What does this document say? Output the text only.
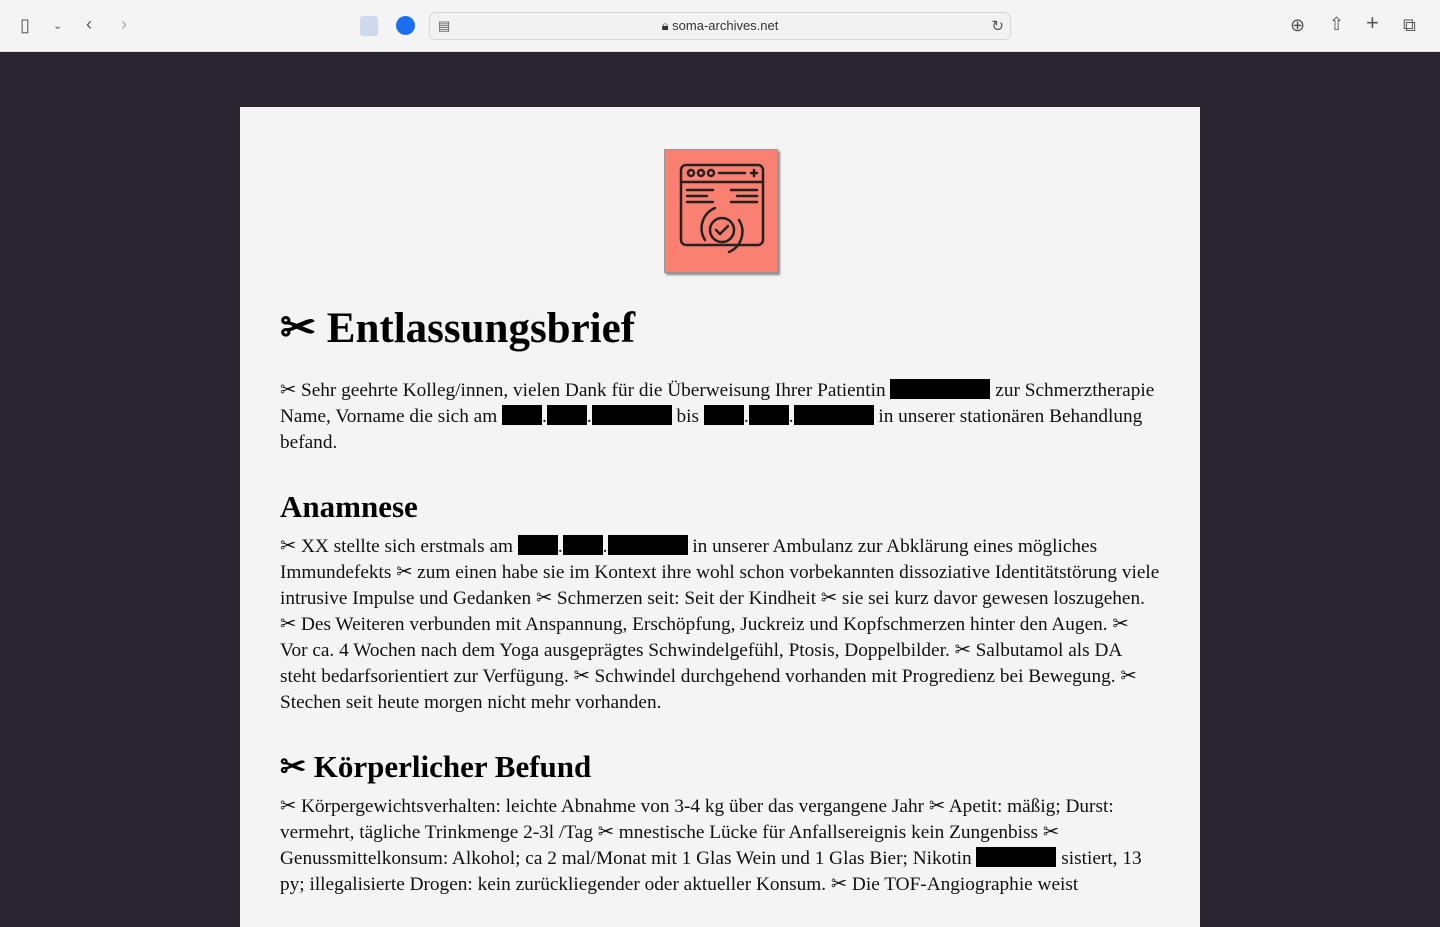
▯ ⌄ ‹ ›	▤	🔒︎ soma-archives.net	↻	⊕ ⇧ + ⧉
✂ Entlassungsbrief
✂ Sehr geehrte Kolleg/innen, vielen Dank für die Überweisung Ihrer Patientin	zur Schmerztherapie Name, Vorname die sich am . .	bis . .	in unserer stationären Behandlung befand.
Anamnese
✂ XX stellte sich erstmals am . .	in unserer Ambulanz zur Abklärung eines mögliches Immundefekts ✂ zum einen habe sie im Kontext ihre wohl schon vorbekannten dissoziative Identitätstörung viele intrusive Impulse und Gedanken ✂ Schmerzen seit: Seit der Kindheit ✂ sie sei kurz davor gewesen loszugehen. ✂ Des Weiteren verbunden mit Anspannung, Erschöpfung, Juckreiz und Kopfschmerzen hinter den Augen. ✂ Vor ca. 4 Wochen nach dem Yoga ausgeprägtes Schwindelgefühl, Ptosis, Doppelbilder. ✂ Salbutamol als DA steht bedarfsorientiert zur Verfügung. ✂ Schwindel durchgehend vorhanden mit Progredienz bei Bewegung. ✂ Stechen seit heute morgen nicht mehr vorhanden.
✂ Körperlicher Befund
✂ Körpergewichtsverhalten: leichte Abnahme von 3-4 kg über das vergangene Jahr ✂ Apetit: mäßig; Durst: vermehrt, tägliche Trinkmenge 2-3l /Tag ✂ mnestische Lücke für Anfallsereignis kein Zungenbiss ✂ Genussmittelkonsum: Alkohol; ca 2 mal/Monat mit 1 Glas Wein und 1 Glas Bier; Nikotin	sistiert, 13 py; illegalisierte Drogen: kein zurückliegender oder aktueller Konsum. ✂ Die TOF-Angiographie weist
